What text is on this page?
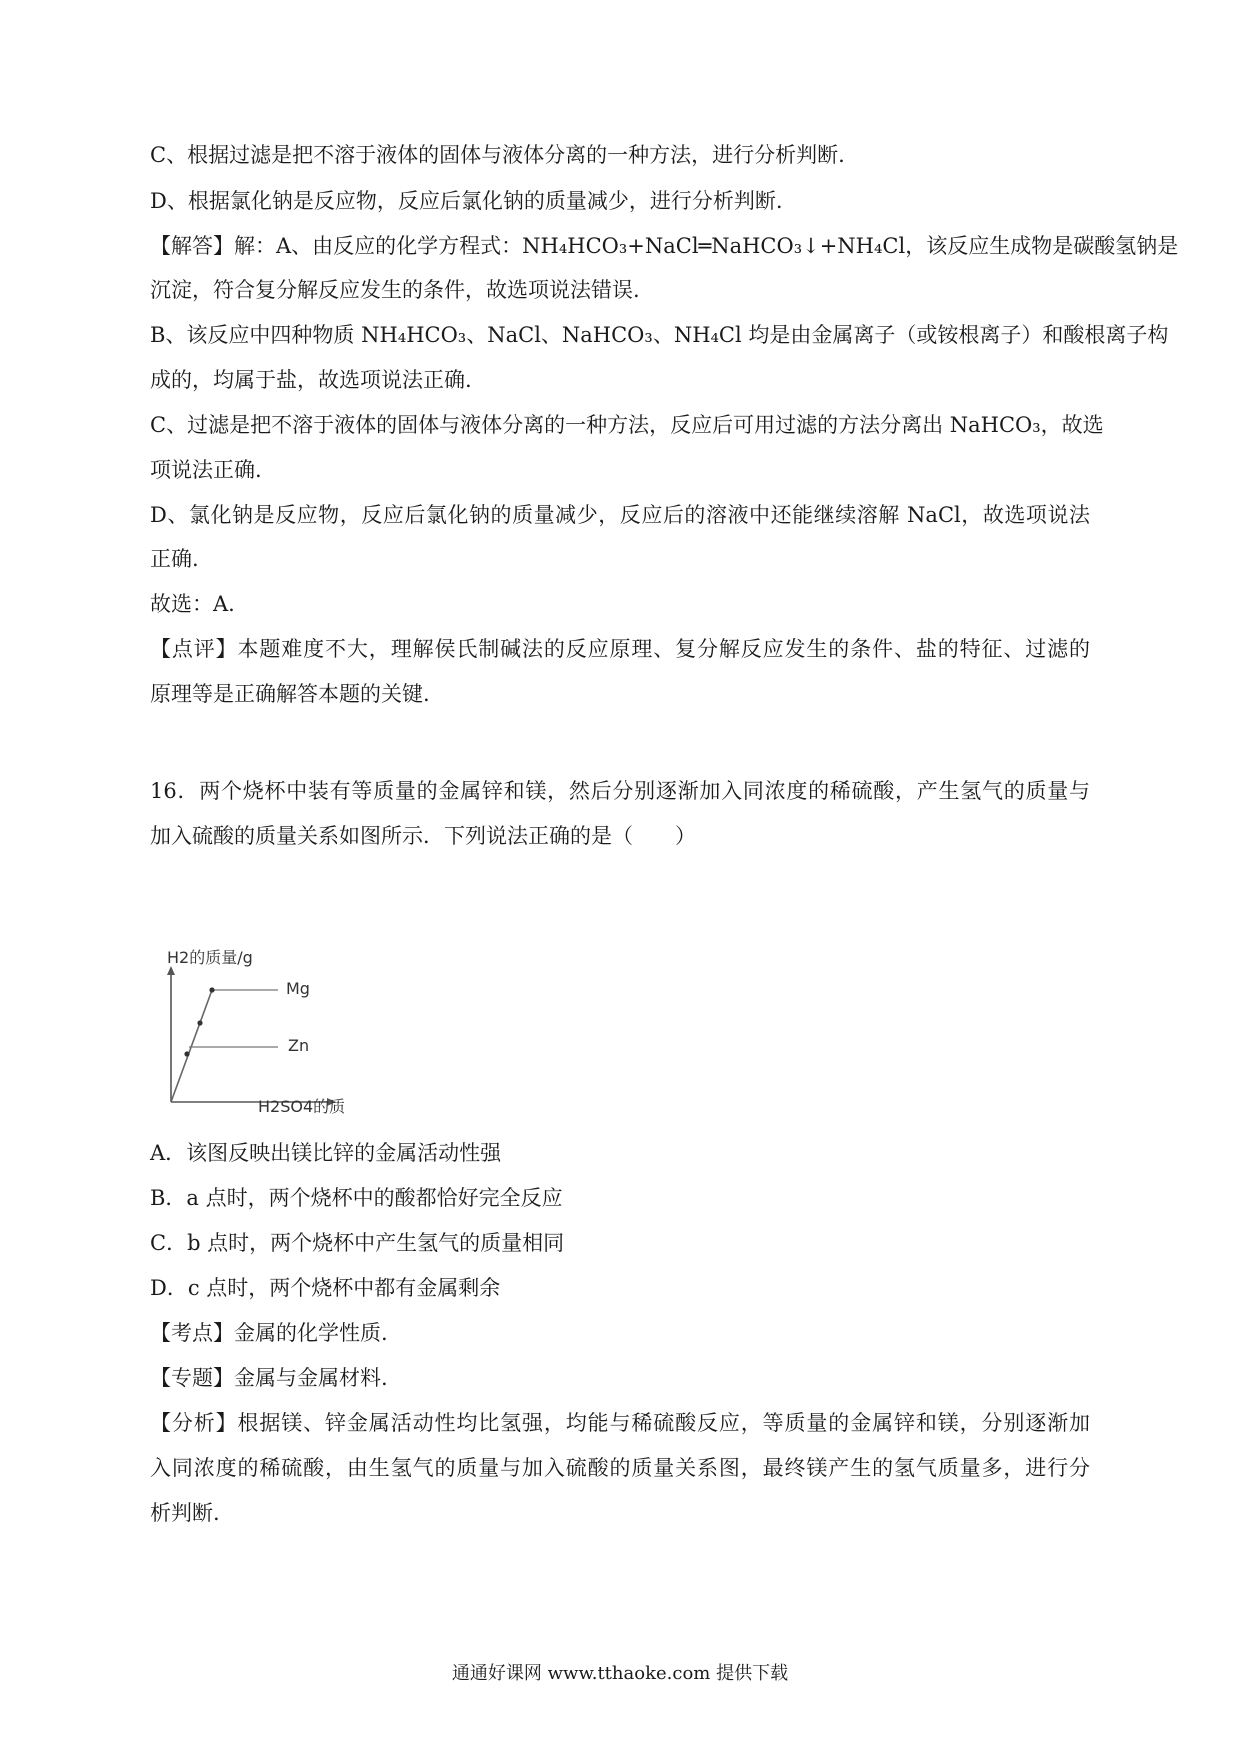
C、根据过滤是把不溶于液体的固体与液体分离的一种方法，进行分析判断.
D、根据氯化钠是反应物，反应后氯化钠的质量减少，进行分析判断.
【解答】解：A、由反应的化学方程式：NH₄HCO₃+NaCl═NaHCO₃↓+NH₄Cl，该反应生成物是碳酸氢钠是
沉淀，符合复分解反应发生的条件，故选项说法错误.
B、该反应中四种物质 NH₄HCO₃、NaCl、NaHCO₃、NH₄Cl 均是由金属离子（或铵根离子）和酸根离子构
成的，均属于盐，故选项说法正确.
C、过滤是把不溶于液体的固体与液体分离的一种方法，反应后可用过滤的方法分离出 NaHCO₃，故选
项说法正确.
D、氯化钠是反应物，反应后氯化钠的质量减少，反应后的溶液中还能继续溶解 NaCl，故选项说法
正确.
故选：A.
【点评】本题难度不大，理解侯氏制碱法的反应原理、复分解反应发生的条件、盐的特征、过滤的
原理等是正确解答本题的关键.
16．两个烧杯中装有等质量的金属锌和镁，然后分别逐渐加入同浓度的稀硫酸，产生氢气的质量与
加入硫酸的质量关系如图所示．下列说法正确的是（　　）
H2的质量/g
Mg
Zn
H2SO4的质
A．该图反映出镁比锌的金属活动性强
B．a 点时，两个烧杯中的酸都恰好完全反应
C．b 点时，两个烧杯中产生氢气的质量相同
D．c 点时，两个烧杯中都有金属剩余
【考点】金属的化学性质.
【专题】金属与金属材料.
【分析】根据镁、锌金属活动性均比氢强，均能与稀硫酸反应，等质量的金属锌和镁，分别逐渐加
入同浓度的稀硫酸，由生氢气的质量与加入硫酸的质量关系图，最终镁产生的氢气质量多，进行分
析判断.
通通好课网 www.tthaoke.com 提供下载
